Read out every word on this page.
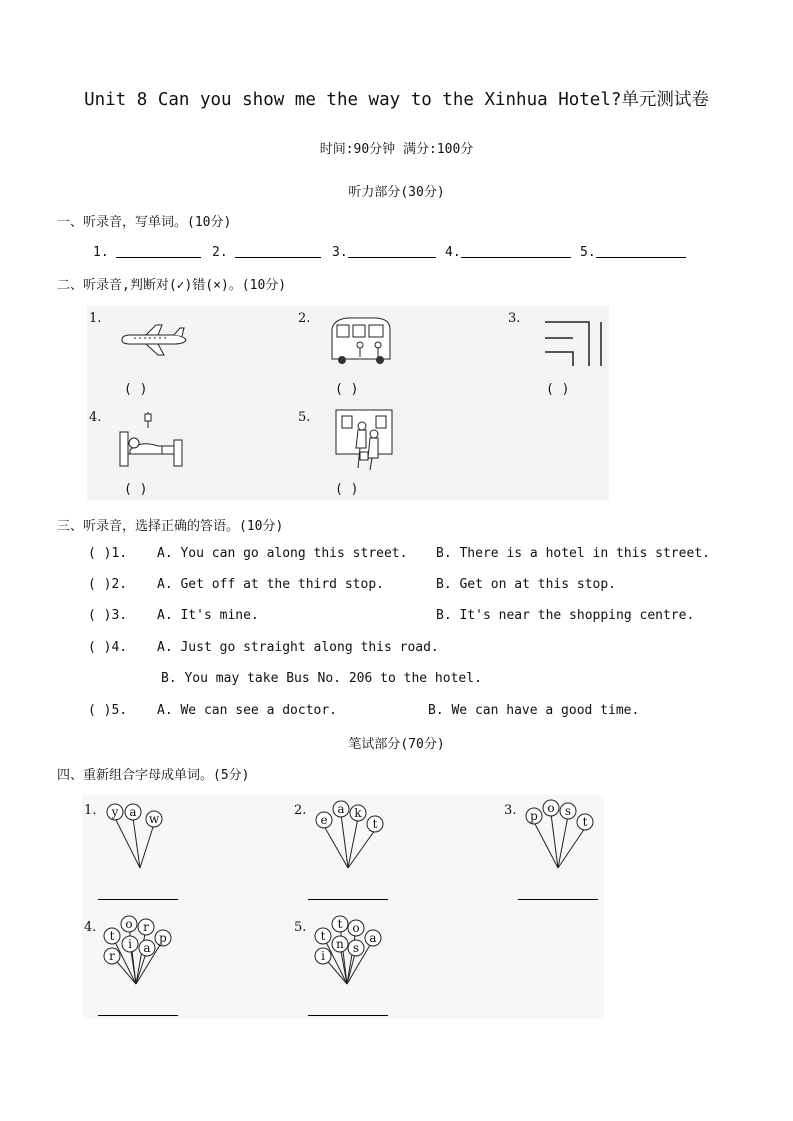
Unit 8 Can you show me the way to the Xinhua Hotel?单元测试卷
时间:90分钟 满分:100分
听力部分(30分)
一、听录音，写单词。(10分)
1.	2.	3.	4.	5.
二、听录音,判断对(✓)错(×)。(10分)
1.
( )
2.
( )
3.
( )
4.
( )
5.
( )
三、听录音，选择正确的答语。(10分)
( )1. A. You can go along this street. B. There is a hotel in this street.
( )2. A. Get off at the third stop.	B. Get on at this stop.
( )3. A. It's mine.	B. It's near the shopping centre.
( )4. A. Just go straight along this road.
B. You may take Bus No. 206 to the hotel.
( )5. A. We can see a doctor.	B. We can have a good time.
笔试部分(70分)
四、重新组合字母成单词。(5分)
1. y a w
2.
e
a k
t
3. p
o s
t
4.
r
o
t	p
a
i
r	5.
t
o
t
a
s
n
i
